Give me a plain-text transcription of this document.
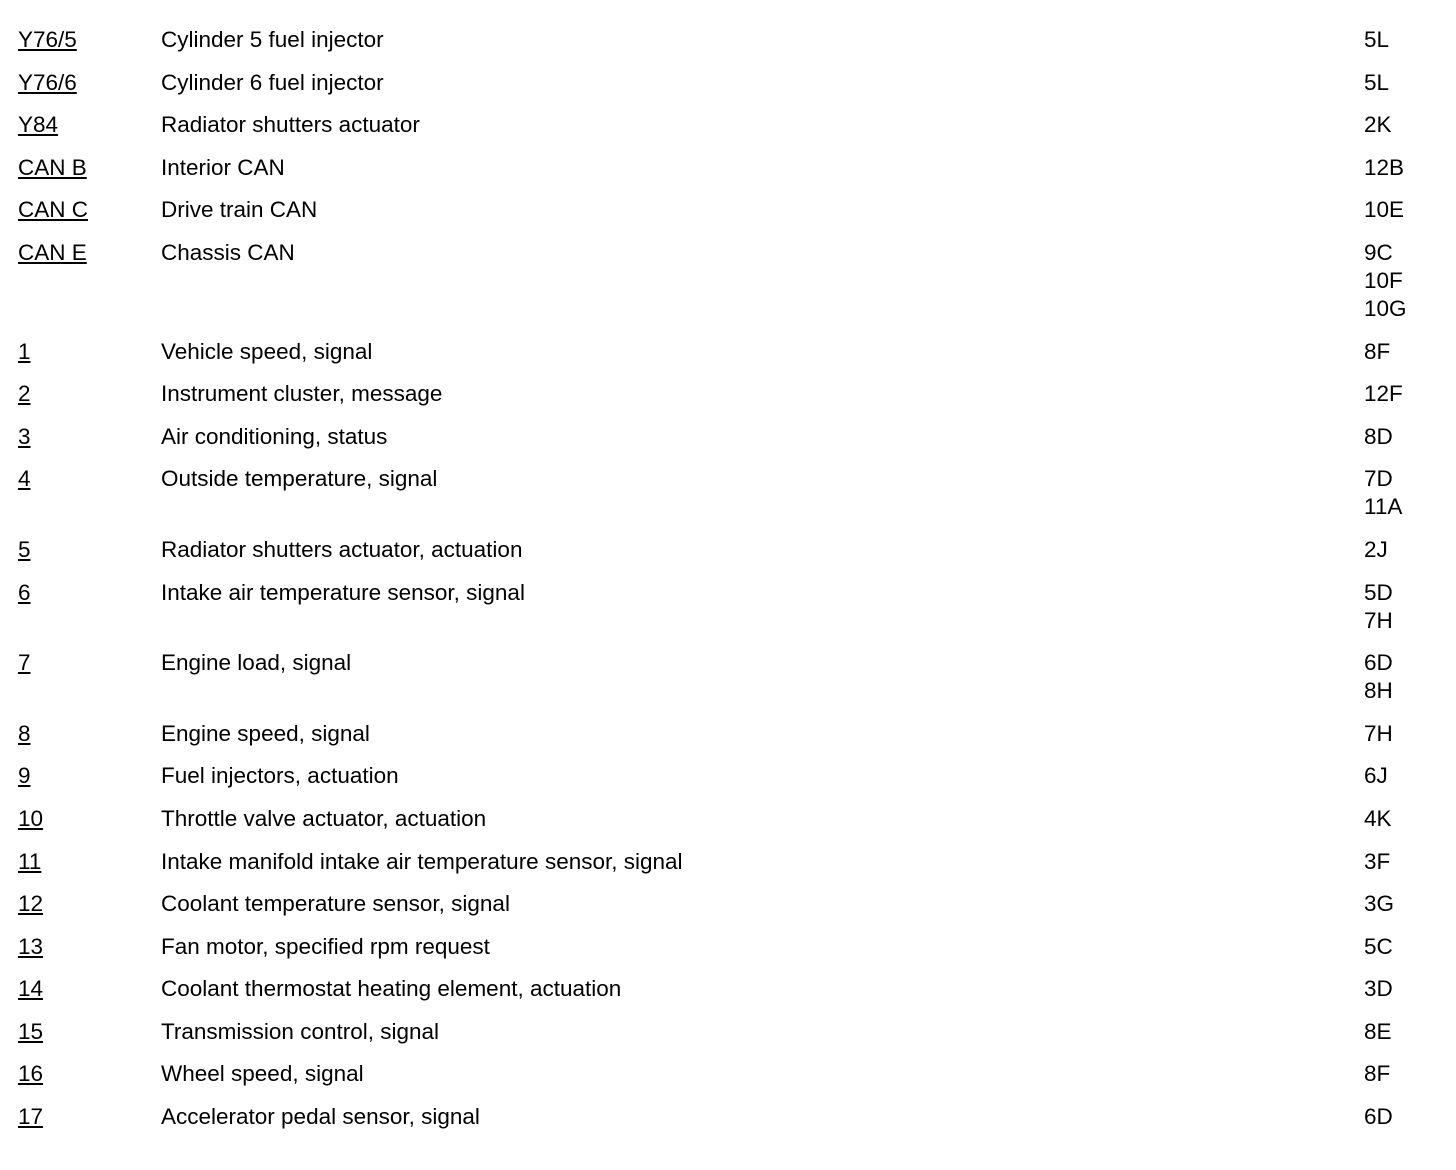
Y76/5	Cylinder 5 fuel injector	5L
Y76/6	Cylinder 6 fuel injector	5L
Y84	Radiator shutters actuator	2K
CAN B	Interior CAN	12B
CAN C	Drive train CAN	10E
CAN E	Chassis CAN	9C
10F
10G
1	Vehicle speed, signal	8F
2	Instrument cluster, message	12F
3	Air conditioning, status	8D
4	Outside temperature, signal	7D
11A
5	Radiator shutters actuator, actuation	2J
6	Intake air temperature sensor, signal	5D
7H
7	Engine load, signal	6D
8H
8	Engine speed, signal	7H
9	Fuel injectors, actuation	6J
10	Throttle valve actuator, actuation	4K
11	Intake manifold intake air temperature sensor, signal	3F
12	Coolant temperature sensor, signal	3G
13	Fan motor, specified rpm request	5C
14	Coolant thermostat heating element, actuation	3D
15	Transmission control, signal	8E
16	Wheel speed, signal	8F
17	Accelerator pedal sensor, signal	6D
